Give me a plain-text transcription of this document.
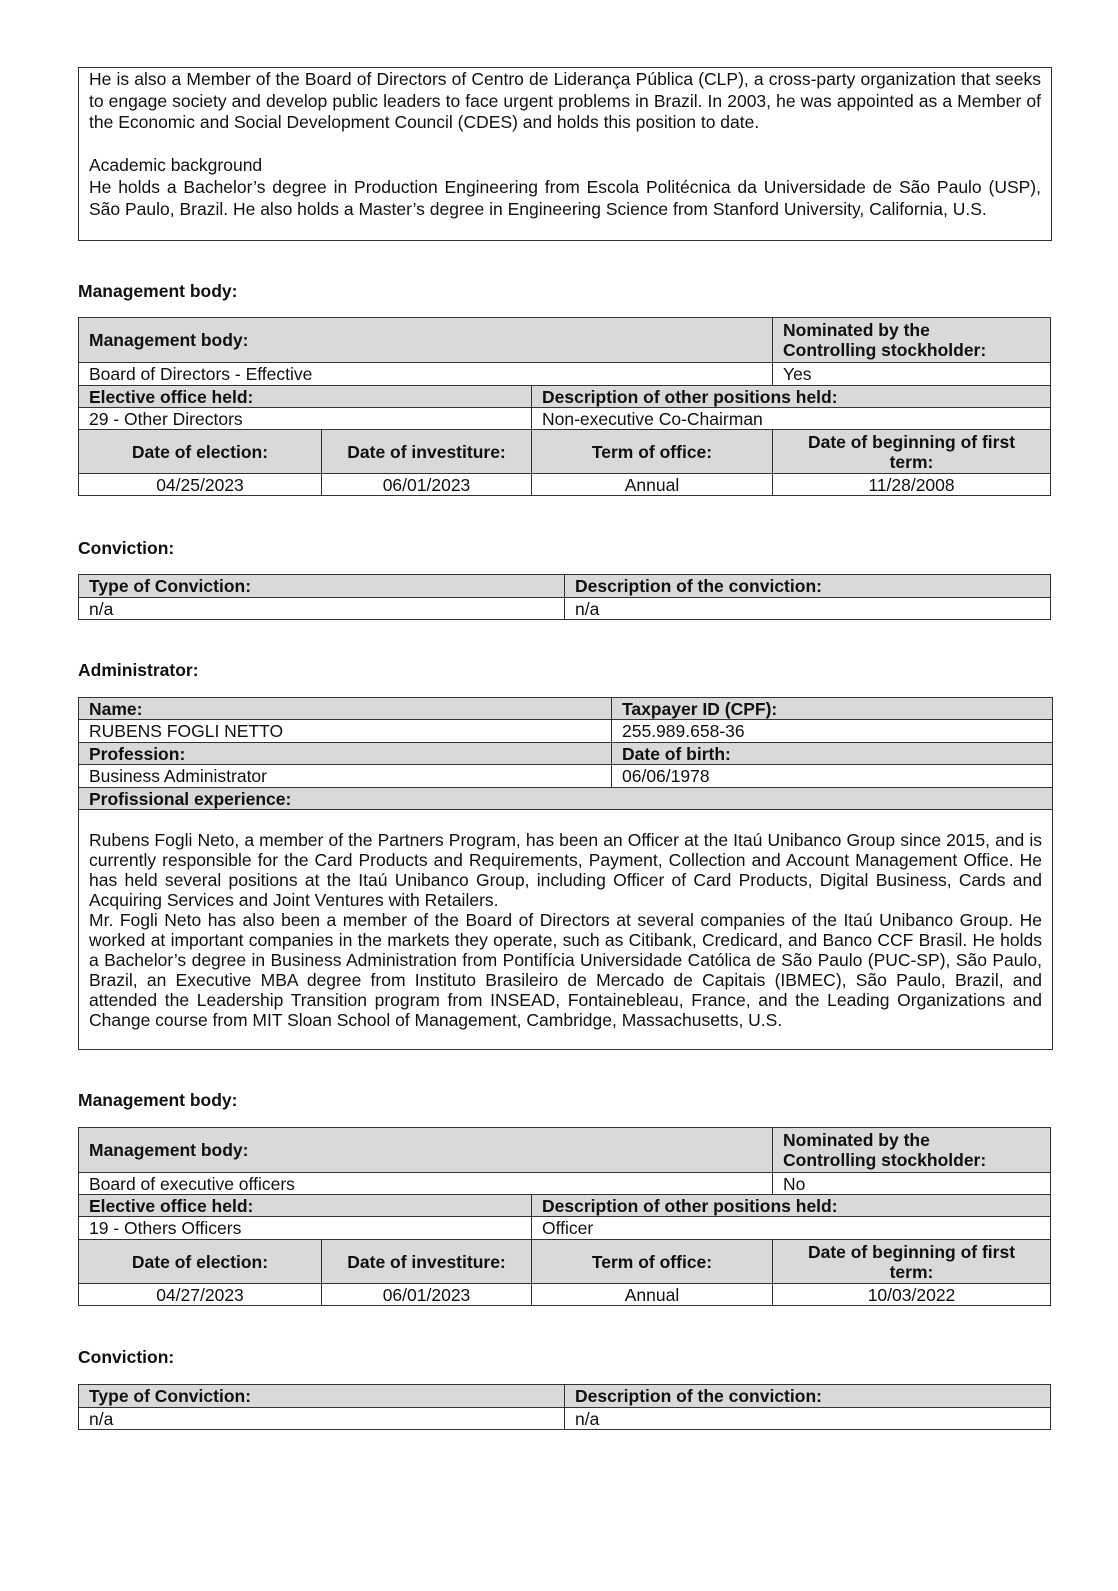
He is also a Member of the Board of Directors of Centro de Liderança Pública (CLP), a cross-party organization that seeks to engage society and develop public leaders to face urgent problems in Brazil. In 2003, he was appointed as a Member of the Economic and Social Development Council (CDES) and holds this position to date.

Academic background

He holds a Bachelor’s degree in Production Engineering from Escola Politécnica da Universidade de São Paulo (USP), São Paulo, Brazil. He also holds a Master’s degree in Engineering Science from Stanford University, California, U.S.

Management body:
Management body:			Nominated by the
Controlling stockholder:
Board of Directors - Effective			Yes
Elective office held:		Description of other positions held:	
29 - Other Directors		Non-executive Co-Chairman	
Date of election:	Date of investiture:	Term of office:	Date of beginning of first
term:
04/25/2023	06/01/2023	Annual	11/28/2008
Conviction:
Type of Conviction:	Description of the conviction:
n/a	n/a
Administrator:
Name:	Taxpayer ID (CPF):
RUBENS FOGLI NETTO	255.989.658-36
Profession:	Date of birth:
Business Administrator	06/06/1978
Profissional experience:	

Rubens Fogli Neto, a member of the Partners Program, has been an Officer at the Itaú Unibanco Group since 2015, and is currently responsible for the Card Products and Requirements, Payment, Collection and Account Management Office. He has held several positions at the Itaú Unibanco Group, including Officer of Card Products, Digital Business, Cards and Acquiring Services and Joint Ventures with Retailers.
Mr. Fogli Neto has also been a member of the Board of Directors at several companies of the Itaú Unibanco Group. He worked at important companies in the markets they operate, such as Citibank, Credicard, and Banco CCF Brasil. He holds a Bachelor’s degree in Business Administration from Pontifícia Universidade Católica de São Paulo (PUC-SP), São Paulo, Brazil, an Executive MBA degree from Instituto Brasileiro de Mercado de Capitais (IBMEC), São Paulo, Brazil, and attended the Leadership Transition program from INSEAD, Fontainebleau, France, and the Leading Organizations and Change course from MIT Sloan School of Management, Cambridge, Massachusetts, U.S.	
Management body:
Management body:			Nominated by the
Controlling stockholder:
Board of executive officers			No
Elective office held:		Description of other positions held:	
19 - Others Officers		Officer	
Date of election:	Date of investiture:	Term of office:	Date of beginning of first
term:
04/27/2023	06/01/2023	Annual	10/03/2022
Conviction:
Type of Conviction:	Description of the conviction:
n/a	n/a
